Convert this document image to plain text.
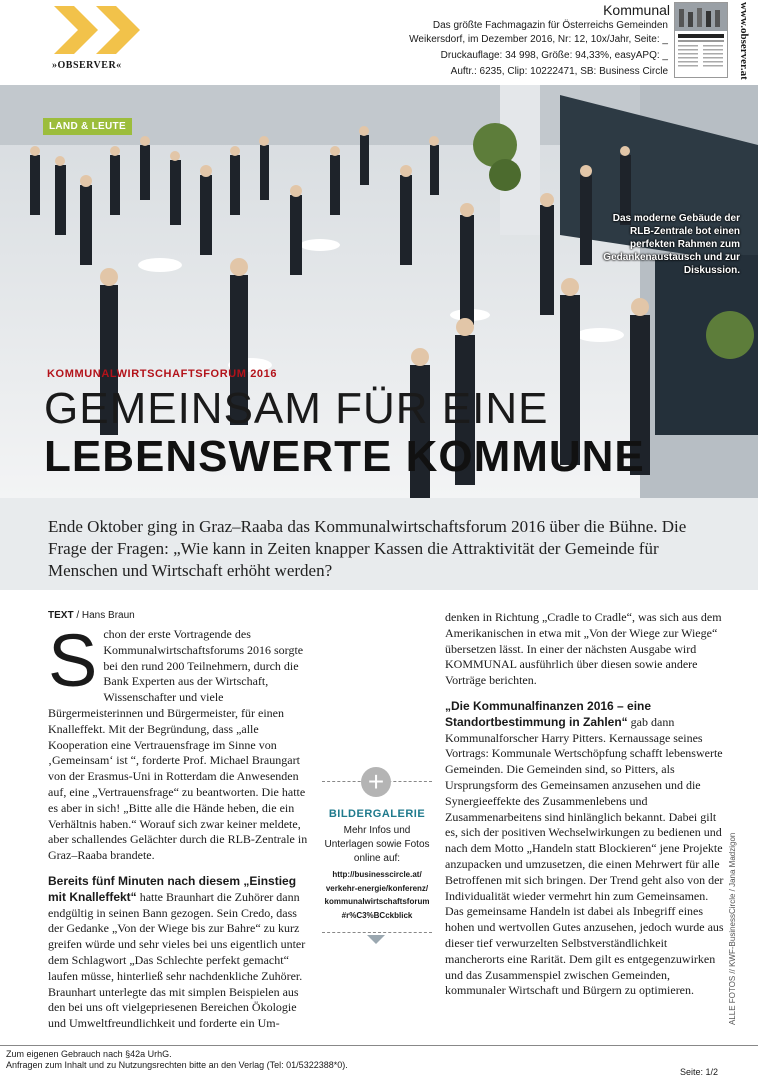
»OBSERVER«
Kommunal
Das größte Fachmagazin für Österreichs Gemeinden
Weikersdorf, im Dezember 2016, Nr: 12, 10x/Jahr, Seite: _
Druckauflage: 34 998, Größe: 94,33%, easyAPQ: _
Auftr.: 6235, Clip: 10222471, SB: Business Circle	www.observer.at
LAND & LEUTE
Das moderne Gebäude der RLB-Zentrale bot einen perfekten Rahmen zum Gedankenaustausch und zur Diskussion.
KOMMUNALWIRTSCHAFTSFORUM 2016
GEMEINSAM FÜR EINE
LEBENSWERTE KOMMUNE
Ende Oktober ging in Graz–Raaba das Kommunalwirtschaftsforum 2016 über die Bühne. Die Frage der Fragen: „Wie kann in Zeiten knapper Kassen die Attraktivität der Gemeinde für Menschen und Wirtschaft erhöht werden?
TEXT / Hans Braun

Schon der erste Vortragende des Kommunalwirtschaftsforums 2016 sorgte bei den rund 200 Teilnehmern, durch die Bank Experten aus der Wirtschaft, Wissenschafter und viele Bürgermeisterinnen und Bürgermeister, für einen Knalleffekt. Mit der Begründung, dass „alle Kooperation eine Vertrauensfrage im Sinne von ‚Gemeinsam‘ ist “, forderte Prof. Michael Braungart von der Erasmus-Uni in Rotterdam die Anwesenden auf, eine „Vertrauensfrage“ zu beantworten. Die hatte es aber in sich! „Bitte alle die Hände heben, die ein Verhältnis haben.“ Worauf sich zwar keiner meldete, aber schallendes Gelächter durch die RLB-Zentrale in Graz–Raaba brandete.

Bereits fünf Minuten nach diesem „Einstieg mit Knalleffekt“ hatte Braunhart die Zuhörer dann endgültig in seinen Bann gezogen. Sein Credo, dass der Gedanke „Von der Wiege bis zur Bahre“ zu kurz greifen würde und sehr vieles bei uns eigentlich unter dem Schlagwort „Das Schlechte perfekt gemacht“ laufen müsse, hinterließ sehr nachdenkliche Zuhörer. Braunhart unterlegte das mit simplen Beispielen aus den bei uns oft vielgepriesenen Bereichen Ökologie und Umweltfreundlichkeit und forderte ein Um-

denken in Richtung „Cradle to Cradle“, was sich aus dem Amerikanischen in etwa mit „Von der Wiege zur Wiege“ übersetzen lässt. In einer der nächsten Ausgabe wird KOMMUNAL ausführlich über diesen sowie andere Vorträge berichten.

„Die Kommunalfinanzen 2016 – eine Standortbestimmung in Zahlen“ gab dann Kommunalforscher Harry Pitters. Kernaussage seines Vortrags: Kommunale Wertschöpfung schafft lebenswerte Gemeinden. Die Gemeinden sind, so Pitters, als Ursprungsform des Gemeinsamen anzusehen und die Synergieeffekte des Zusammenlebens und Zusammenarbeitens sind hinlänglich bekannt. Dabei gilt es, sich der positiven Wechselwirkungen zu bedienen und nach dem Motto „Handeln statt Blockieren“ jene Projekte anzupacken und umzusetzen, die einen Mehrwert für alle Betroffenen mit sich bringen. Der Trend geht also von der Individualität wieder vermehrt hin zum Gemeinsamen. Das gemeinsame Handeln ist dabei als Inbegriff eines hohen und wertvollen Gutes anzusehen, jedoch wurde aus dieser tief verwurzelten Selbstverständlichkeit mancherorts eine Rarität. Dem gilt es entgegenzuwirken und das Zusammenspiel zwischen Gemeinden, kommunaler Wirtschaft und Bürgern zu optimieren.

+
BILDERGALERIE
Mehr Infos und Unterlagen sowie Fotos online auf:
http://businesscircle.at/
verkehr-energie/konferenz/
kommunalwirtschaftsforum
#r%C3%BCckblick	ALLE FOTOS // KWF-BusinessCircle / Jana Madzigon
Zum eigenen Gebrauch nach §42a UrhG.
Anfragen zum Inhalt und zu Nutzungsrechten bitte an den Verlag (Tel: 01/5322388*0).
Seite: 1/2
